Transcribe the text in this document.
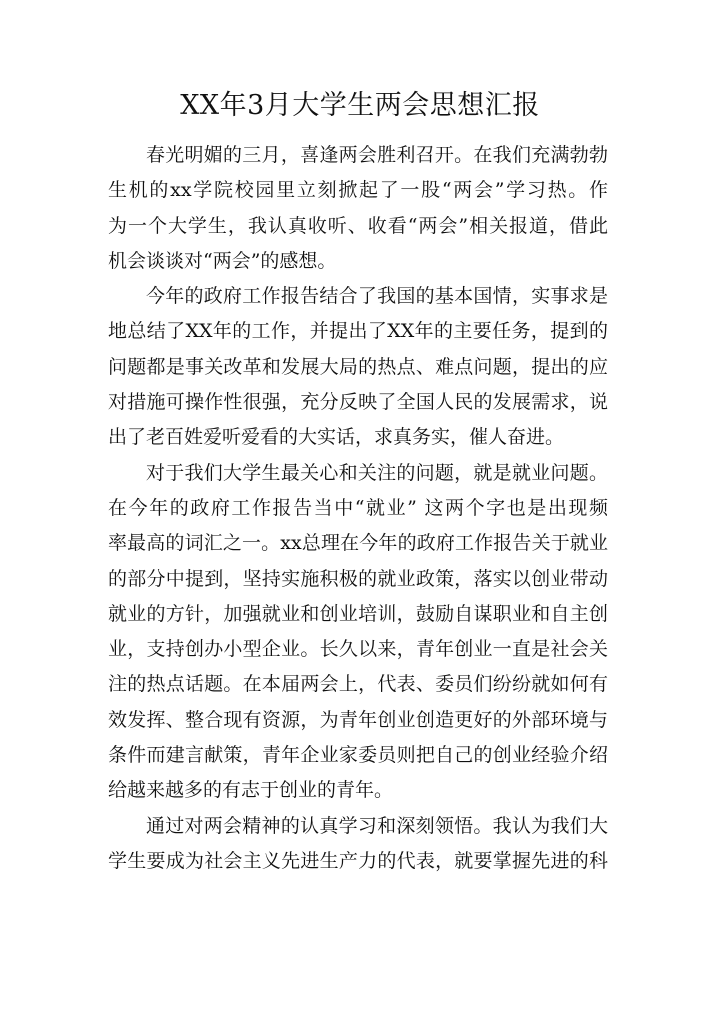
XX年3月大学生两会思想汇报
春光明媚的三月，喜逢两会胜利召开。在我们充满勃勃
生机的xx学院校园里立刻掀起了一股“两会”学习热。作
为一个大学生，我认真收听、收看“两会”相关报道，借此
机会谈谈对“两会”的感想。
今年的政府工作报告结合了我国的基本国情，实事求是
地总结了XX年的工作，并提出了XX年的主要任务，提到的
问题都是事关改革和发展大局的热点、难点问题，提出的应
对措施可操作性很强，充分反映了全国人民的发展需求，说
出了老百姓爱听爱看的大实话，求真务实，催人奋进。
对于我们大学生最关心和关注的问题，就是就业问题。
在今年的政府工作报告当中“就业” 这两个字也是出现频
率最高的词汇之一。xx总理在今年的政府工作报告关于就业
的部分中提到，坚持实施积极的就业政策，落实以创业带动
就业的方针，加强就业和创业培训，鼓励自谋职业和自主创
业，支持创办小型企业。长久以来，青年创业一直是社会关
注的热点话题。在本届两会上，代表、委员们纷纷就如何有
效发挥、整合现有资源，为青年创业创造更好的外部环境与
条件而建言献策，青年企业家委员则把自己的创业经验介绍
给越来越多的有志于创业的青年。
通过对两会精神的认真学习和深刻领悟。我认为我们大
学生要成为社会主义先进生产力的代表，就要掌握先进的科
